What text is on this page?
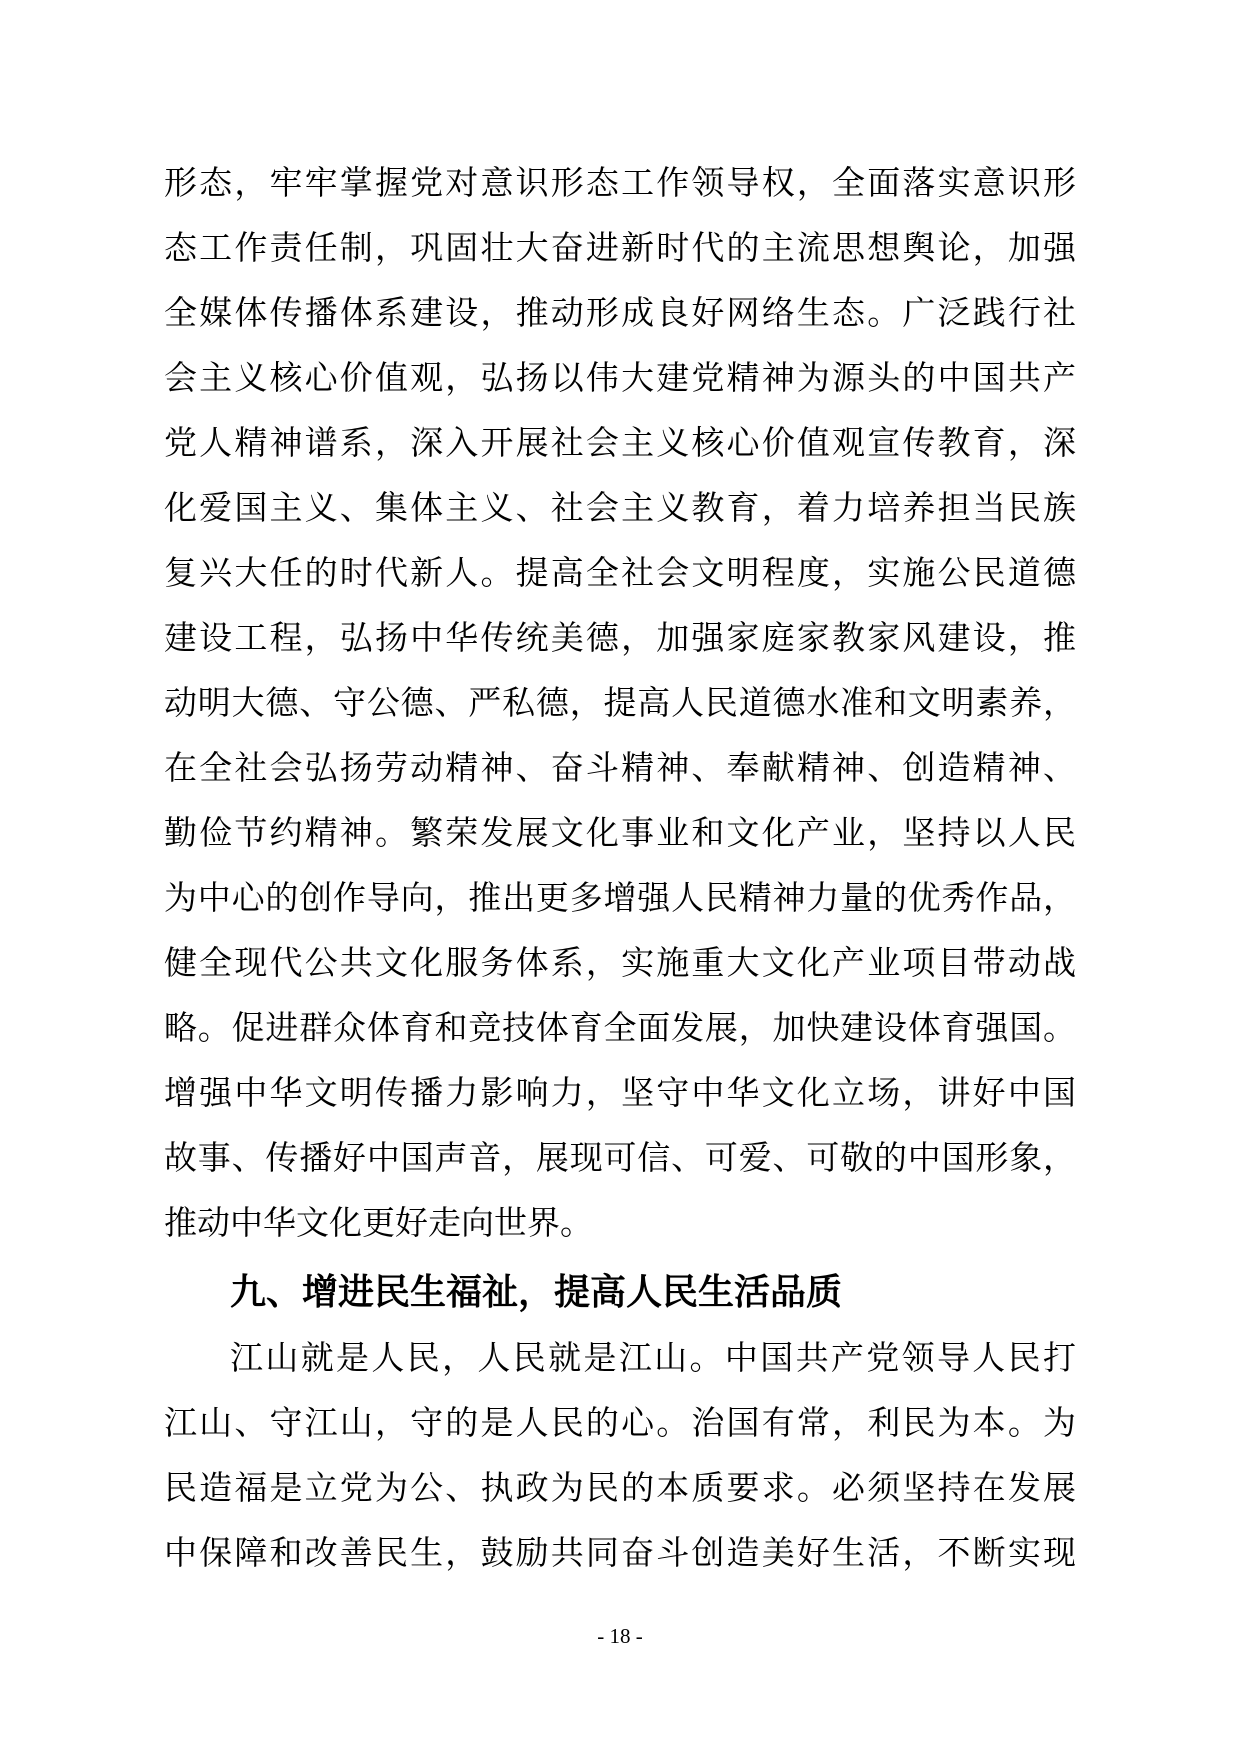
形态，牢牢掌握党对意识形态工作领导权，全面落实意识形
态工作责任制，巩固壮大奋进新时代的主流思想舆论，加强
全媒体传播体系建设，推动形成良好网络生态。广泛践行社
会主义核心价值观，弘扬以伟大建党精神为源头的中国共产
党人精神谱系，深入开展社会主义核心价值观宣传教育，深
化爱国主义、集体主义、社会主义教育，着力培养担当民族
复兴大任的时代新人。提高全社会文明程度，实施公民道德
建设工程，弘扬中华传统美德，加强家庭家教家风建设，推
动明大德、守公德、严私德，提高人民道德水准和文明素养，
在全社会弘扬劳动精神、奋斗精神、奉献精神、创造精神、
勤俭节约精神。繁荣发展文化事业和文化产业，坚持以人民
为中心的创作导向，推出更多增强人民精神力量的优秀作品，
健全现代公共文化服务体系，实施重大文化产业项目带动战
略。促进群众体育和竞技体育全面发展，加快建设体育强国。
增强中华文明传播力影响力，坚守中华文化立场，讲好中国
故事、传播好中国声音，展现可信、可爱、可敬的中国形象，
推动中华文化更好走向世界。
九、增进民生福祉，提高人民生活品质
江山就是人民，人民就是江山。中国共产党领导人民打
江山、守江山，守的是人民的心。治国有常，利民为本。为
民造福是立党为公、执政为民的本质要求。必须坚持在发展
中保障和改善民生，鼓励共同奋斗创造美好生活，不断实现
- 18 -
